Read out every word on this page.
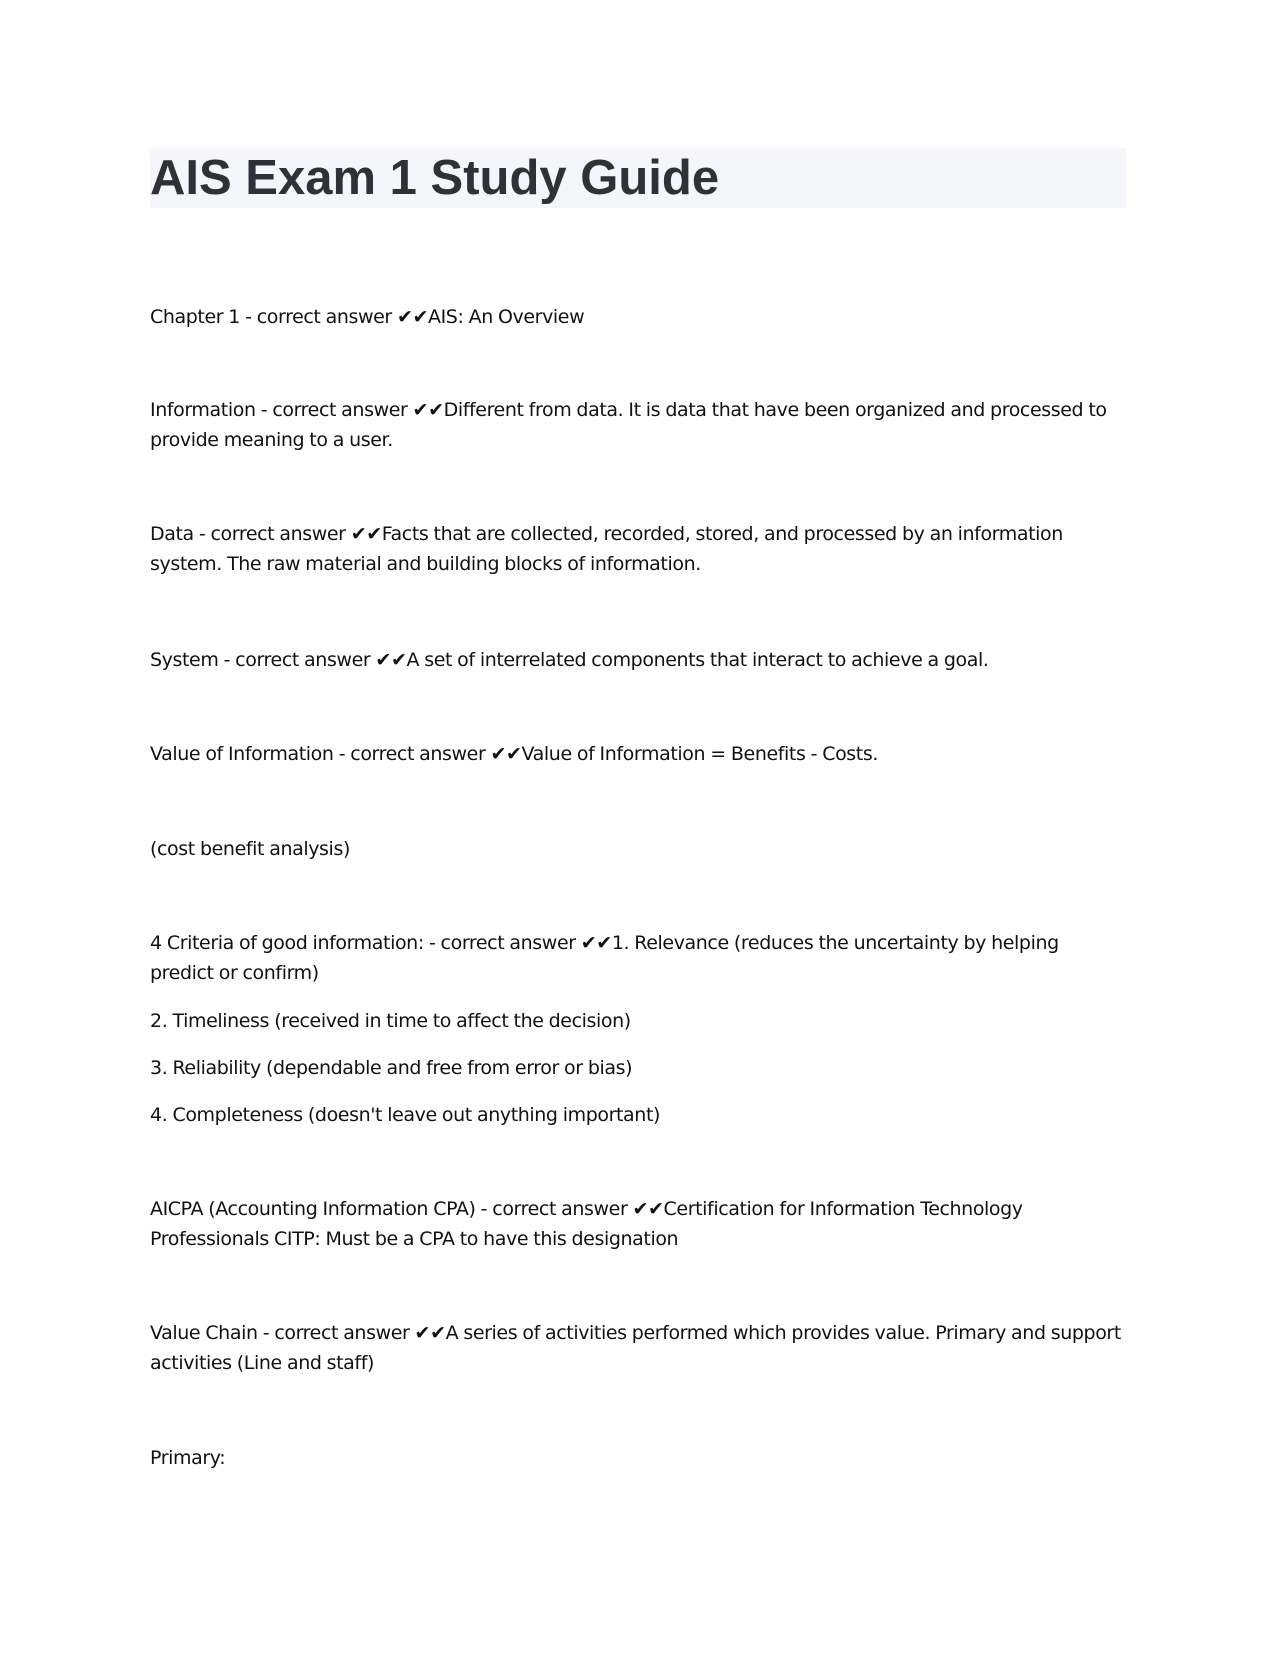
AIS Exam 1 Study Guide
Chapter 1 - correct answer ✔✔AIS: An Overview
Information - correct answer ✔✔Different from data. It is data that have been organized and processed to provide meaning to a user.
Data - correct answer ✔✔Facts that are collected, recorded, stored, and processed by an information system. The raw material and building blocks of information.
System - correct answer ✔✔A set of interrelated components that interact to achieve a goal.
Value of Information - correct answer ✔✔Value of Information = Benefits - Costs.
(cost benefit analysis)
4 Criteria of good information: - correct answer ✔✔1. Relevance (reduces the uncertainty by helping predict or confirm)
2. Timeliness (received in time to affect the decision)
3. Reliability (dependable and free from error or bias)
4. Completeness (doesn't leave out anything important)
AICPA (Accounting Information CPA) - correct answer ✔✔Certification for Information Technology Professionals CITP: Must be a CPA to have this designation
Value Chain - correct answer ✔✔A series of activities performed which provides value. Primary and support activities (Line and staff)
Primary:
